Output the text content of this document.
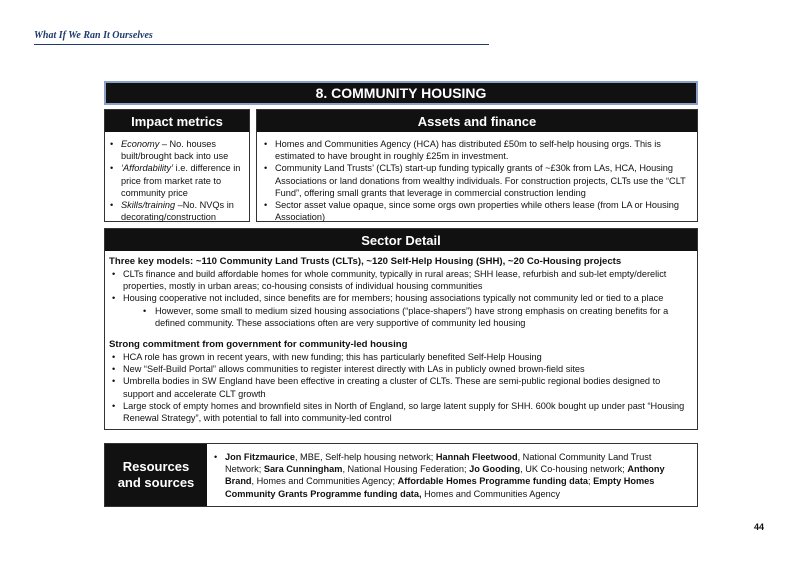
What If We Ran It Ourselves
8. COMMUNITY HOUSING
Impact metrics
• Economy – No. houses built/brought back into use
• ‘Affordability’ i.e. difference in price from market rate to community price
• Skills/training –No. NVQs in decorating/construction
Assets and finance
• Homes and Communities Agency (HCA) has distributed £50m to self-help housing orgs. This is estimated to have brought in roughly £25m in investment.
• Community Land Trusts’ (CLTs) start-up funding typically grants of ~£30k from LAs, HCA, Housing Associations or land donations from wealthy individuals. For construction projects, CLTs use the “CLT Fund”, offering small grants that leverage in commercial construction lending
• Sector asset value opaque, since some orgs own properties while others lease (from LA or Housing Association)
Sector Detail
Three key models: ~110 Community Land Trusts (CLTs), ~120 Self-Help Housing (SHH), ~20 Co-Housing projects
• CLTs finance and build affordable homes for whole community, typically in rural areas; SHH lease, refurbish and sub-let empty/derelict properties, mostly in urban areas; co-housing consists of individual housing communities
• Housing cooperative not included, since benefits are for members; housing associations typically not community led or tied to a place
• However, some small to medium sized housing associations (“place-shapers”) have strong emphasis on creating benefits for a defined community. These associations often are very supportive of community led housing
Strong commitment from government for community-led housing
• HCA role has grown in recent years, with new funding; this has particularly benefited Self-Help Housing
• New “Self-Build Portal” allows communities to register interest directly with LAs in publicly owned brown-field sites
• Umbrella bodies in SW England have been effective in creating a cluster of CLTs. These are semi-public regional bodies designed to support and accelerate CLT growth
• Large stock of empty homes and brownfield sites in North of England, so large latent supply for SHH. 600k bought up under past “Housing Renewal Strategy”, with potential to fall into community-led control
Resources and sources
• Jon Fitzmaurice, MBE, Self-help housing network; Hannah Fleetwood, National Community Land Trust Network; Sara Cunningham, National Housing Federation; Jo Gooding, UK Co-housing network; Anthony Brand, Homes and Communities Agency; Affordable Homes Programme funding data; Empty Homes Community Grants Programme funding data, Homes and Communities Agency
44
